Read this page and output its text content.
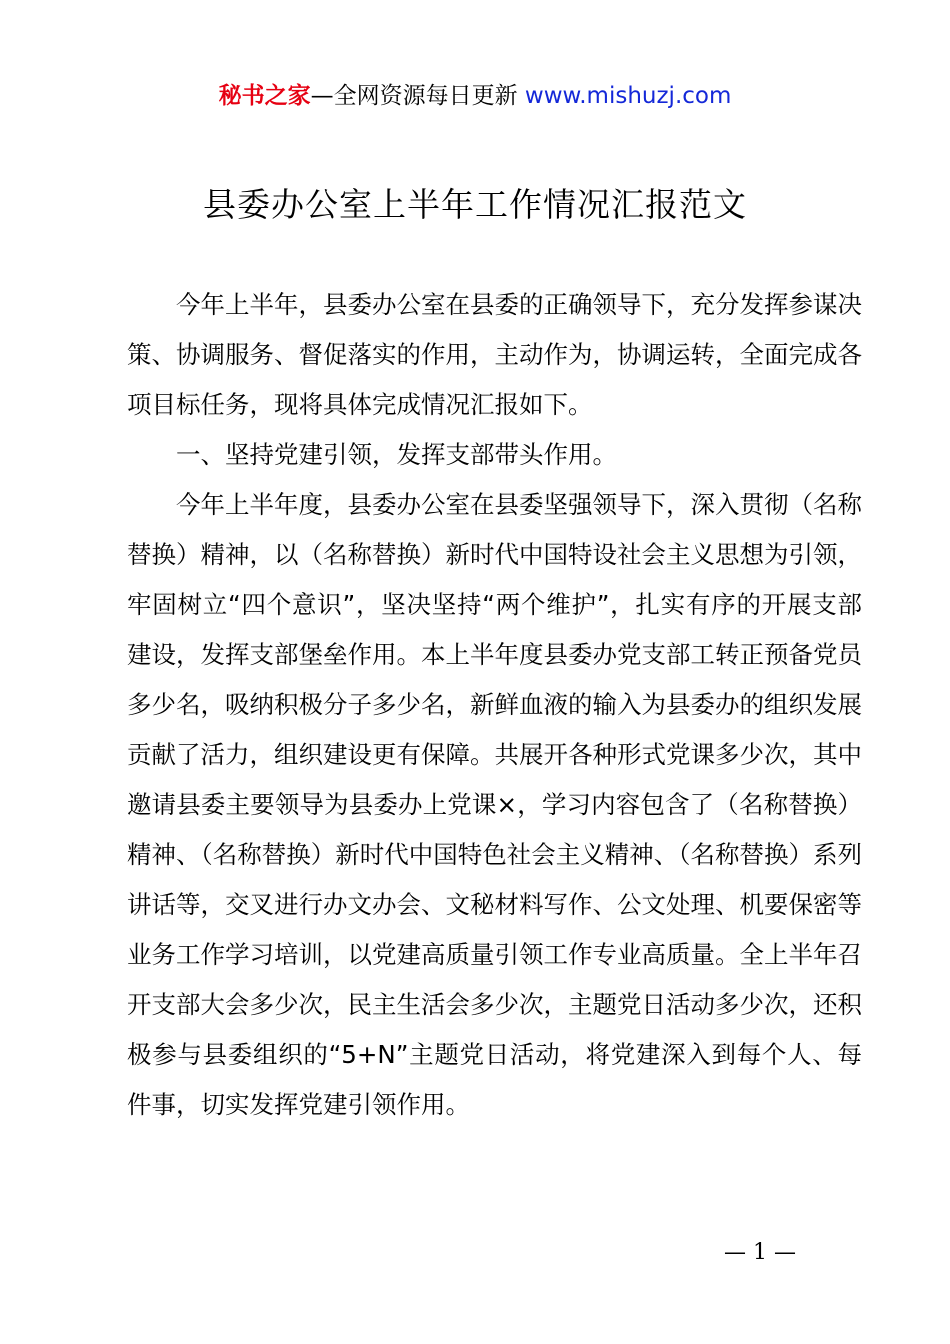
秘书之家—全网资源每日更新 www.mishuzj.com
县委办公室上半年工作情况汇报范文

今年上半年，县委办公室在县委的正确领导下，充分发挥参谋决策、协调服务、督促落实的作用，主动作为，协调运转，全面完成各项目标任务，现将具体完成情况汇报如下。

一、坚持党建引领，发挥支部带头作用。

今年上半年度，县委办公室在县委坚强领导下，深入贯彻（名称替换）精神，以（名称替换）新时代中国特设社会主义思想为引领，牢固树立“四个意识”，坚决坚持“两个维护”，扎实有序的开展支部建设，发挥支部堡垒作用。本上半年度县委办党支部工转正预备党员多少名，吸纳积极分子多少名，新鲜血液的输入为县委办的组织发展贡献了活力，组织建设更有保障。共展开各种形式党课多少次，其中邀请县委主要领导为县委办上党课×，学习内容包含了（名称替换）精神、（名称替换）新时代中国特色社会主义精神、（名称替换）系列讲话等，交叉进行办文办会、文秘材料写作、公文处理、机要保密等业务工作学习培训，以党建高质量引领工作专业高质量。全上半年召开支部大会多少次，民主生活会多少次，主题党日活动多少次，还积极参与县委组织的“5+N”主题党日活动，将党建深入到每个人、每件事，切实发挥党建引领作用。

— 1 —
